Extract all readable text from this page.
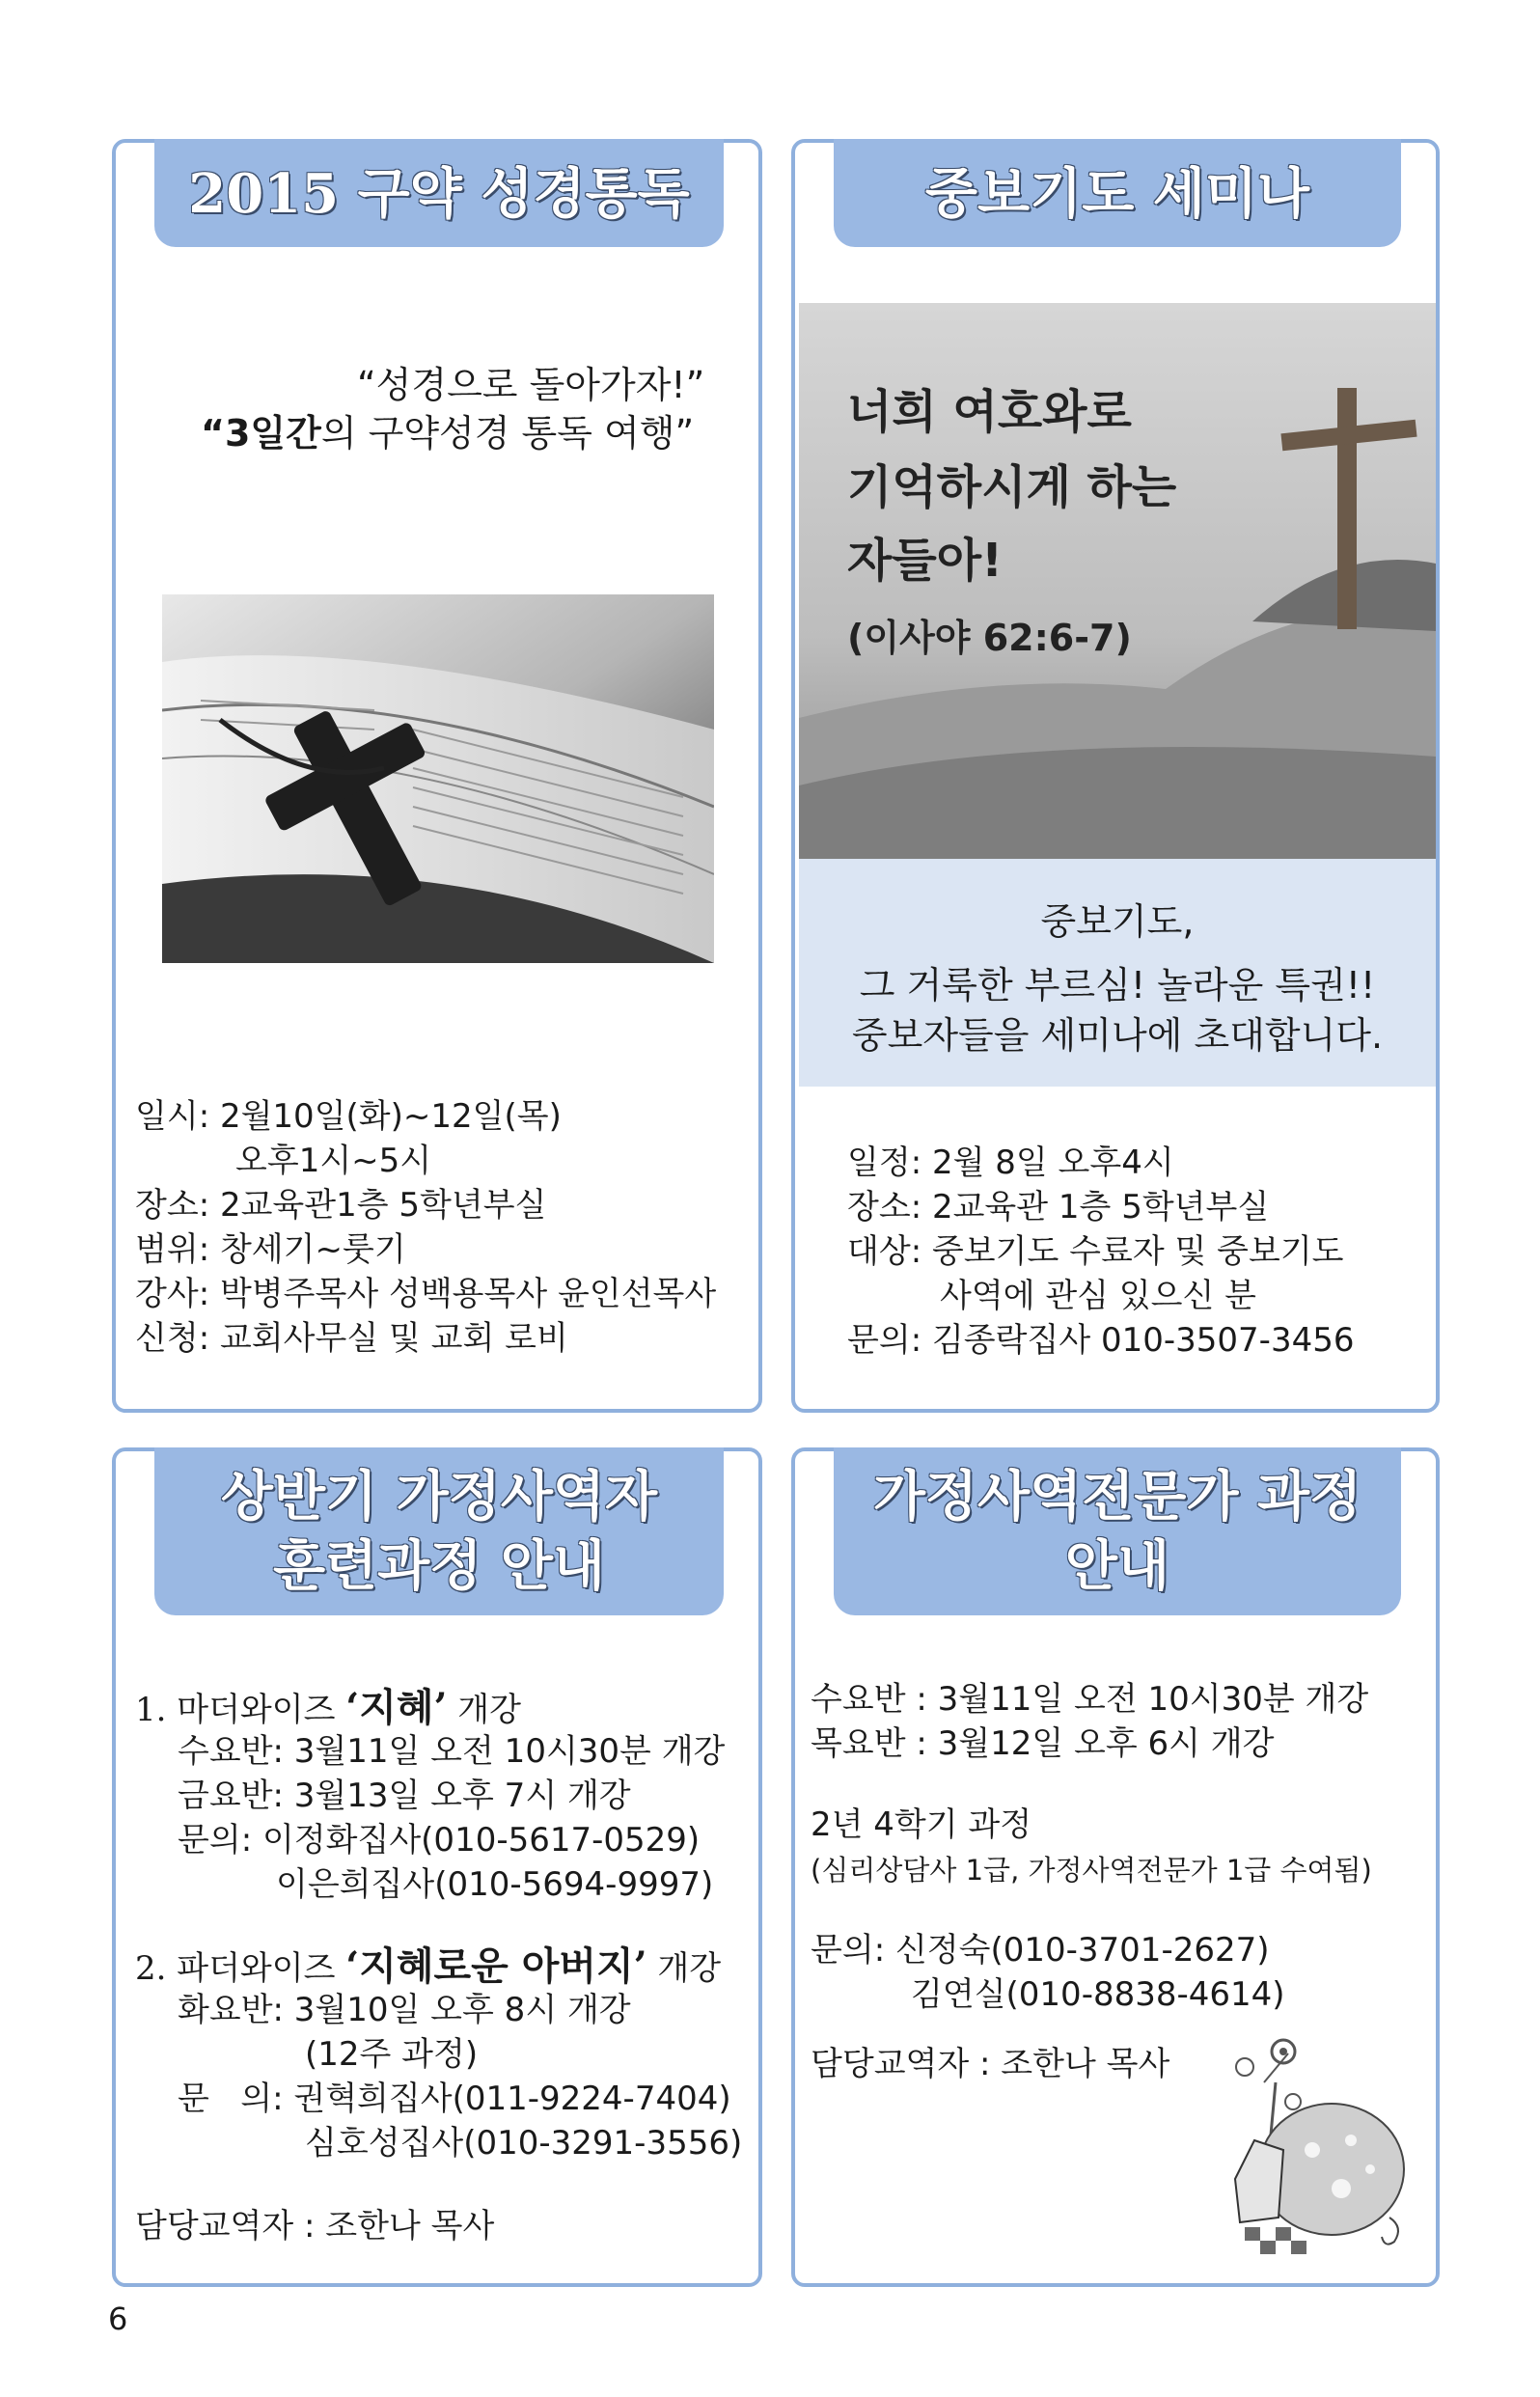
2015 구약 성경통독
“성경으로 돌아가자!”
“3일간의 구약성경 통독 여행”
일시: 2월10일(화)~12일(목)
오후1시~5시
장소: 2교육관1층 5학년부실
범위: 창세기~룻기
강사: 박병주목사 성백용목사 윤인선목사
신청: 교회사무실 및 교회 로비
중보기도 세미나
너희 여호와로
기억하시게 하는
자들아!
(이사야 62:6-7)
중보기도,
그 거룩한 부르심! 놀라운 특권!!
중보자들을 세미나에 초대합니다.
일정: 2월 8일 오후4시
장소: 2교육관 1층 5학년부실
대상: 중보기도 수료자 및 중보기도
사역에 관심 있으신 분
문의: 김종락집사 010-3507-3456
상반기 가정사역자
훈련과정 안내
1. 마더와이즈 ‘지혜’ 개강
수요반: 3월11일 오전 10시30분 개강
금요반: 3월13일 오후 7시 개강
문의: 이정화집사(010-5617-0529)
이은희집사(010-5694-9997)
2. 파더와이즈 ‘지혜로운 아버지’ 개강
화요반: 3월10일 오후 8시 개강
(12주 과정)
문   의: 권혁희집사(011-9224-7404)
심호성집사(010-3291-3556)
담당교역자 : 조한나 목사
가정사역전문가 과정
안내
수요반 : 3월11일 오전 10시30분 개강
목요반 : 3월12일 오후 6시 개강
2년 4학기 과정
(심리상담사 1급, 가정사역전문가 1급 수여됨)
문의: 신정숙(010-3701-2627)
김연실(010-8838-4614)
담당교역자 : 조한나 목사
6
